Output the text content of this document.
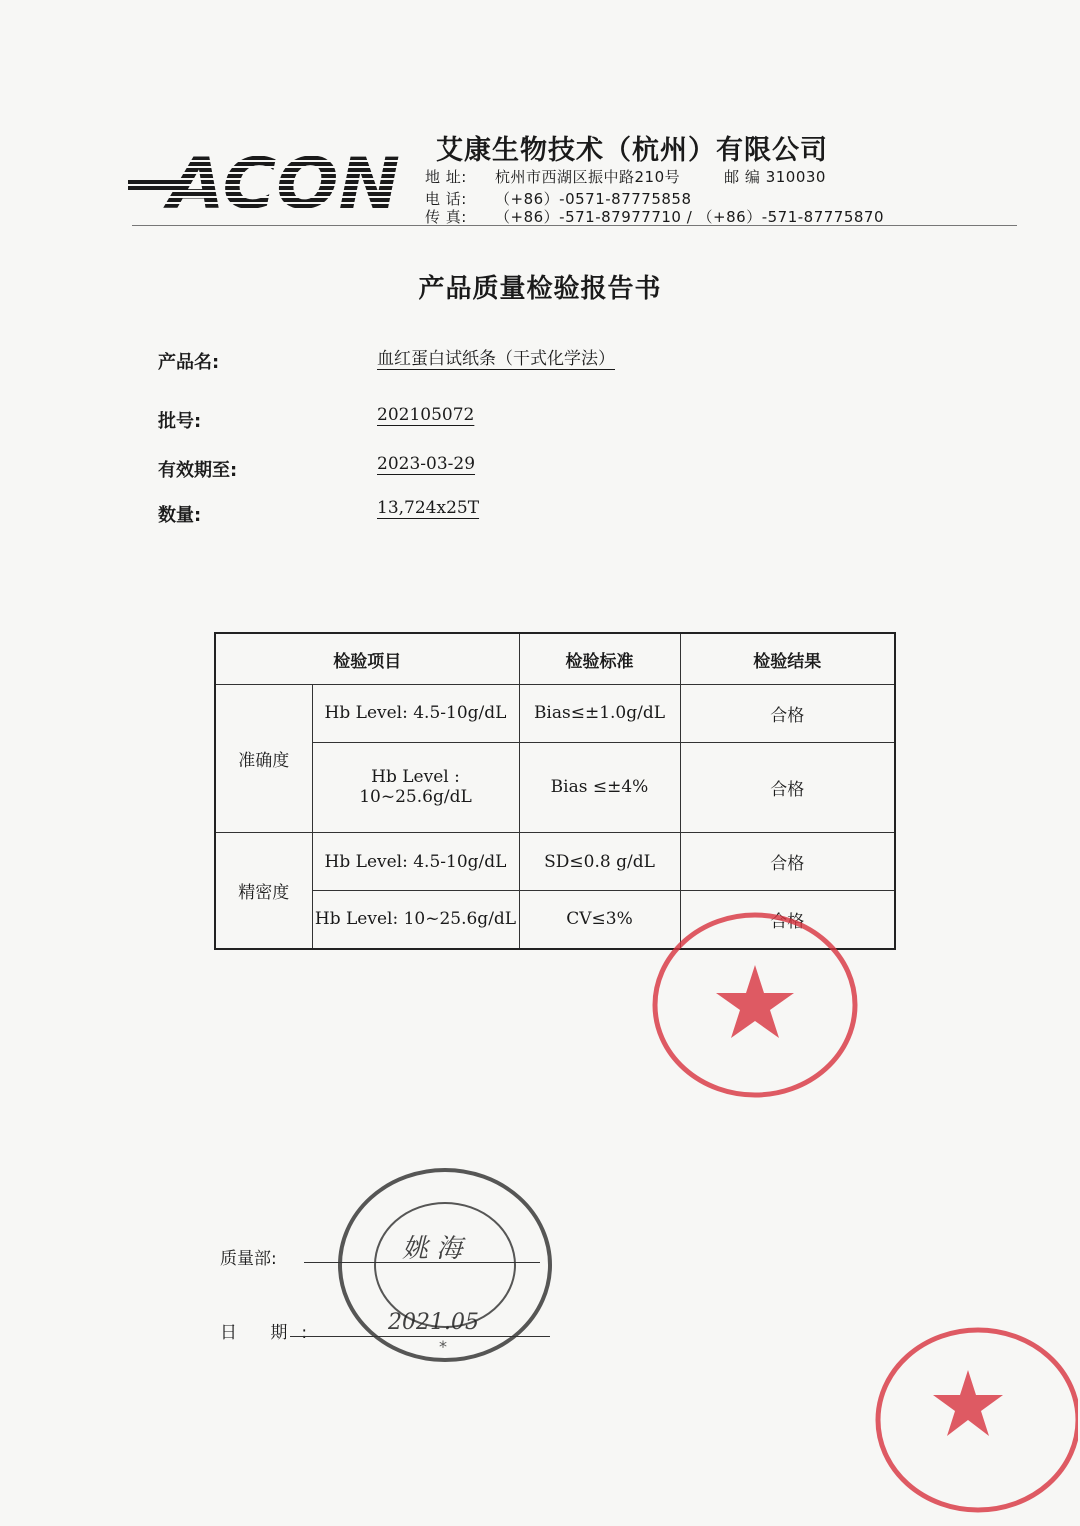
ACON 艾康生物技术（杭州）有限公司
地 址: 杭州市西湖区振中路210号	邮 编 310030
电 话: （+86）-0571-87775858
传 真: （+86）-571-87977710 / （+86）-571-87775870
产品质量检验报告书
产品名:	血红蛋白试纸条（干式化学法）
批号:	202105072
有效期至:	2023-03-29
数量:	13,724x25T
检验项目		检验标准	检验结果
准确度	Hb Level: 4.5-10g/dL	Bias≤±1.0g/dL	合格
	Hb Level : 10~25.6g/dL	Bias ≤±4%	合格
精密度	Hb Level: 4.5-10g/dL	SD≤0.8 g/dL	合格
	Hb Level: 10~25.6g/dL	CV≤3%	合格
*
质量部:	姚 海
日 期:	2021.05
